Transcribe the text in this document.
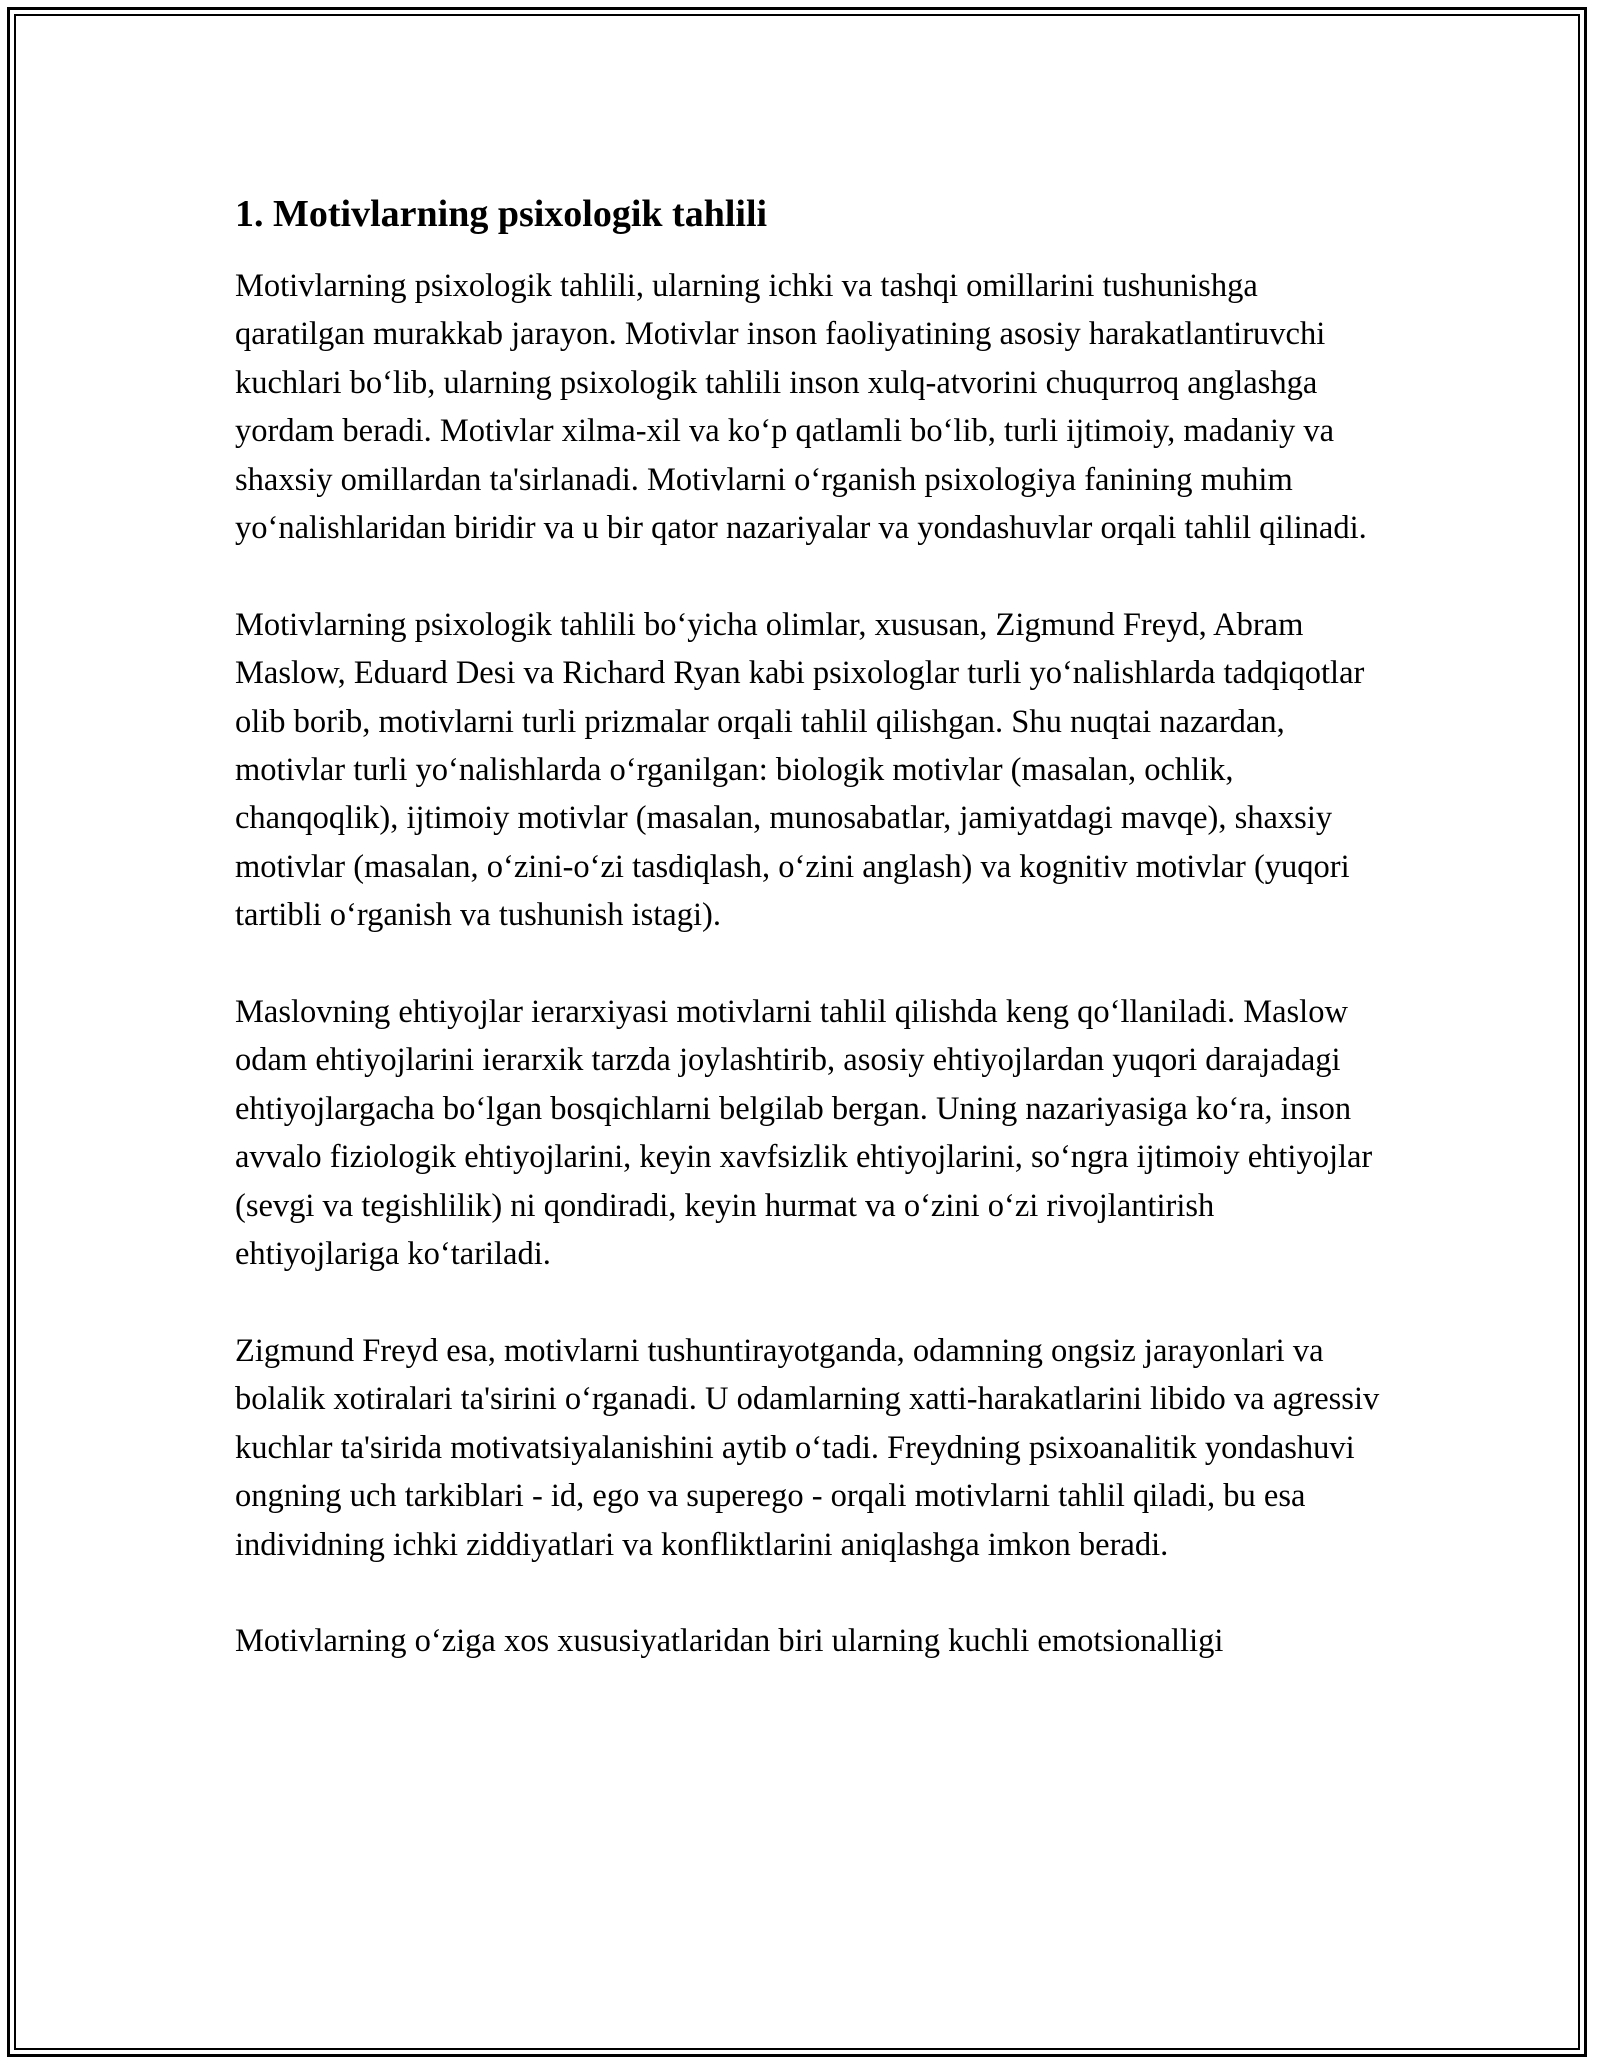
1. Motivlarning psixologik tahlili

Motivlarning psixologik tahlili, ularning ichki va tashqi omillarini tushunishga qaratilgan murakkab jarayon. Motivlar inson faoliyatining asosiy harakatlantiruvchi kuchlari bo‘lib, ularning psixologik tahlili inson xulq-atvorini chuqurroq anglashga yordam beradi. Motivlar xilma-xil va ko‘p qatlamli bo‘lib, turli ijtimoiy, madaniy va shaxsiy omillardan ta'sirlanadi. Motivlarni o‘rganish psixologiya fanining muhim yo‘nalishlaridan biridir va u bir qator nazariyalar va yondashuvlar orqali tahlil qilinadi.

Motivlarning psixologik tahlili bo‘yicha olimlar, xususan, Zigmund Freyd, Abram Maslow, Eduard Desi va Richard Ryan kabi psixologlar turli yo‘nalishlarda tadqiqotlar olib borib, motivlarni turli prizmalar orqali tahlil qilishgan. Shu nuqtai nazardan, motivlar turli yo‘nalishlarda o‘rganilgan: biologik motivlar (masalan, ochlik, chanqoqlik), ijtimoiy motivlar (masalan, munosabatlar, jamiyatdagi mavqe), shaxsiy motivlar (masalan, o‘zini-o‘zi tasdiqlash, o‘zini anglash) va kognitiv motivlar (yuqori tartibli o‘rganish va tushunish istagi).

Maslovning ehtiyojlar ierarxiyasi motivlarni tahlil qilishda keng qo‘llaniladi. Maslow odam ehtiyojlarini ierarxik tarzda joylashtirib, asosiy ehtiyojlardan yuqori darajadagi ehtiyojlargacha bo‘lgan bosqichlarni belgilab bergan. Uning nazariyasiga ko‘ra, inson avvalo fiziologik ehtiyojlarini, keyin xavfsizlik ehtiyojlarini, so‘ngra ijtimoiy ehtiyojlar (sevgi va tegishlilik) ni qondiradi, keyin hurmat va o‘zini o‘zi rivojlantirish ehtiyojlariga ko‘tariladi.

Zigmund Freyd esa, motivlarni tushuntirayotganda, odamning ongsiz jarayonlari va bolalik xotiralari ta'sirini o‘rganadi. U odamlarning xatti-harakatlarini libido va agressiv kuchlar ta'sirida motivatsiyalanishini aytib o‘tadi. Freydning psixoanalitik yondashuvi ongning uch tarkiblari - id, ego va superego - orqali motivlarni tahlil qiladi, bu esa individning ichki ziddiyatlari va konfliktlarini aniqlashga imkon beradi.

Motivlarning o‘ziga xos xususiyatlaridan biri ularning kuchli emotsionalligi
